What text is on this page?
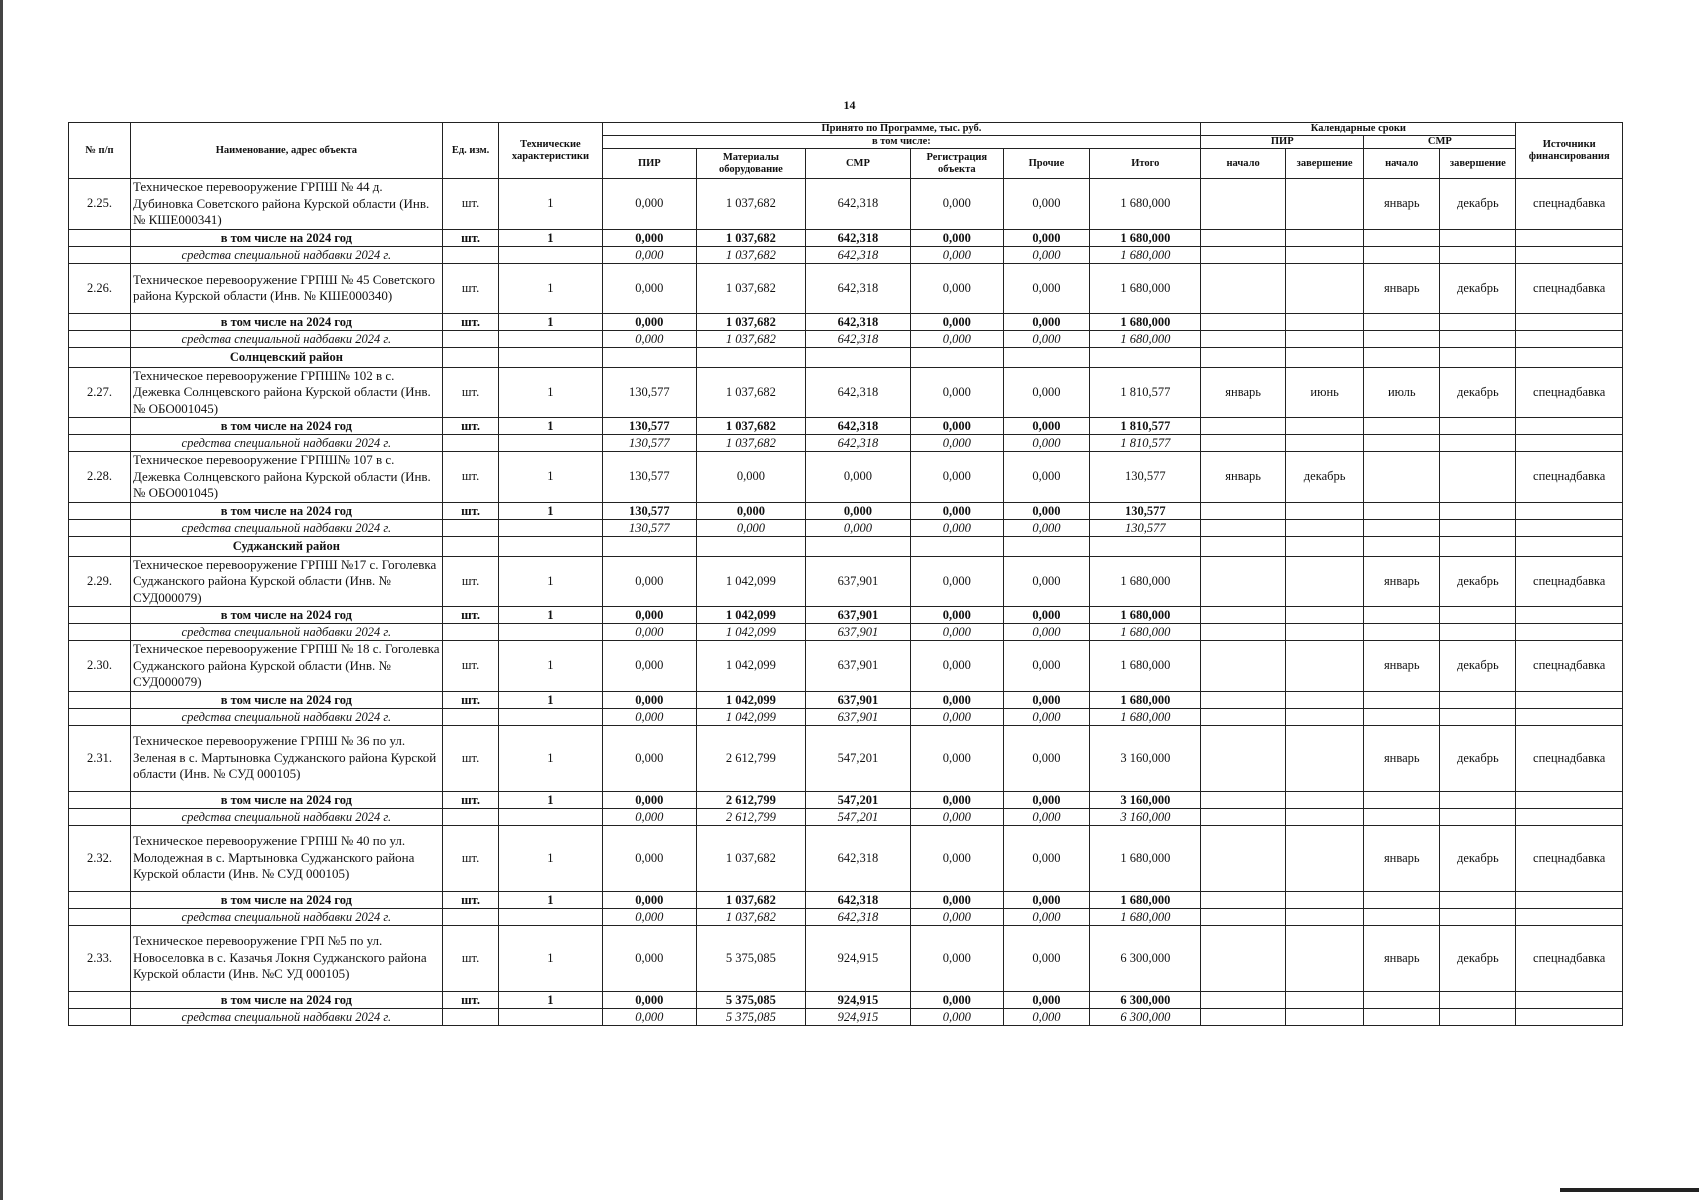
14
№ п/п	Наименование, адрес объекта	Ед. изм.	Технические характеристики	Принято по Программе, тыс. руб.						Календарные сроки				Источники финансирования
				в том числе:						ПИР		СМР		
				ПИР	Материалы оборудование	СМР	Регистрация объекта	Прочие	Итого	начало	завершение	начало	завершение	
2.25.	Техническое перевооружение ГРПШ № 44 д. Дубиновка Советского района Курской области (Инв. № КШЕ000341)	шт.	1	0,000	1 037,682	642,318	0,000	0,000	1 680,000			январь	декабрь	спецнадбавка
	в том числе на 2024 год	шт.	1	0,000	1 037,682	642,318	0,000	0,000	1 680,000					
	средства специальной надбавки 2024 г.			0,000	1 037,682	642,318	0,000	0,000	1 680,000					
2.26.	Техническое перевооружение ГРПШ № 45 Советского района Курской области (Инв. № КШЕ000340)	шт.	1	0,000	1 037,682	642,318	0,000	0,000	1 680,000			январь	декабрь	спецнадбавка
	в том числе на 2024 год	шт.	1	0,000	1 037,682	642,318	0,000	0,000	1 680,000					
	средства специальной надбавки 2024 г.			0,000	1 037,682	642,318	0,000	0,000	1 680,000					
	Солнцевский район													
2.27.	Техническое перевооружение ГРПШ№ 102 в с. Дежевка Солнцевского района Курской области (Инв. № ОБО001045)	шт.	1	130,577	1 037,682	642,318	0,000	0,000	1 810,577	январь	июнь	июль	декабрь	спецнадбавка
	в том числе на 2024 год	шт.	1	130,577	1 037,682	642,318	0,000	0,000	1 810,577					
	средства специальной надбавки 2024 г.			130,577	1 037,682	642,318	0,000	0,000	1 810,577					
2.28.	Техническое перевооружение ГРПШ№ 107 в с. Дежевка Солнцевского района Курской области (Инв. № ОБО001045)	шт.	1	130,577	0,000	0,000	0,000	0,000	130,577	январь	декабрь			спецнадбавка
	в том числе на 2024 год	шт.	1	130,577	0,000	0,000	0,000	0,000	130,577					
	средства специальной надбавки 2024 г.			130,577	0,000	0,000	0,000	0,000	130,577					
	Суджанский район													
2.29.	Техническое перевооружение ГРПШ №17 с. Гоголевка Суджанского района Курской области (Инв. № СУД000079)	шт.	1	0,000	1 042,099	637,901	0,000	0,000	1 680,000			январь	декабрь	спецнадбавка
	в том числе на 2024 год	шт.	1	0,000	1 042,099	637,901	0,000	0,000	1 680,000					
	средства специальной надбавки 2024 г.			0,000	1 042,099	637,901	0,000	0,000	1 680,000					
2.30.	Техническое перевооружение ГРПШ № 18 с. Гоголевка Суджанского района Курской области (Инв. № СУД000079)	шт.	1	0,000	1 042,099	637,901	0,000	0,000	1 680,000			январь	декабрь	спецнадбавка
	в том числе на 2024 год	шт.	1	0,000	1 042,099	637,901	0,000	0,000	1 680,000					
	средства специальной надбавки 2024 г.			0,000	1 042,099	637,901	0,000	0,000	1 680,000					
2.31.	Техническое перевооружение ГРПШ № 36 по ул. Зеленая в с. Мартыновка Суджанского района Курской области (Инв. № СУД 000105)	шт.	1	0,000	2 612,799	547,201	0,000	0,000	3 160,000			январь	декабрь	спецнадбавка
	в том числе на 2024 год	шт.	1	0,000	2 612,799	547,201	0,000	0,000	3 160,000					
	средства специальной надбавки 2024 г.			0,000	2 612,799	547,201	0,000	0,000	3 160,000					
2.32.	Техническое перевооружение ГРПШ № 40 по ул. Молодежная в с. Мартыновка Суджанского района Курской области (Инв. № СУД 000105)	шт.	1	0,000	1 037,682	642,318	0,000	0,000	1 680,000			январь	декабрь	спецнадбавка
	в том числе на 2024 год	шт.	1	0,000	1 037,682	642,318	0,000	0,000	1 680,000					
	средства специальной надбавки 2024 г.			0,000	1 037,682	642,318	0,000	0,000	1 680,000					
2.33.	Техническое перевооружение ГРП №5 по ул. Новоселовка в с. Казачья Локня Суджанского района Курской области (Инв. №С УД 000105)	шт.	1	0,000	5 375,085	924,915	0,000	0,000	6 300,000			январь	декабрь	спецнадбавка
	в том числе на 2024 год	шт.	1	0,000	5 375,085	924,915	0,000	0,000	6 300,000					
	средства специальной надбавки 2024 г.			0,000	5 375,085	924,915	0,000	0,000	6 300,000					
